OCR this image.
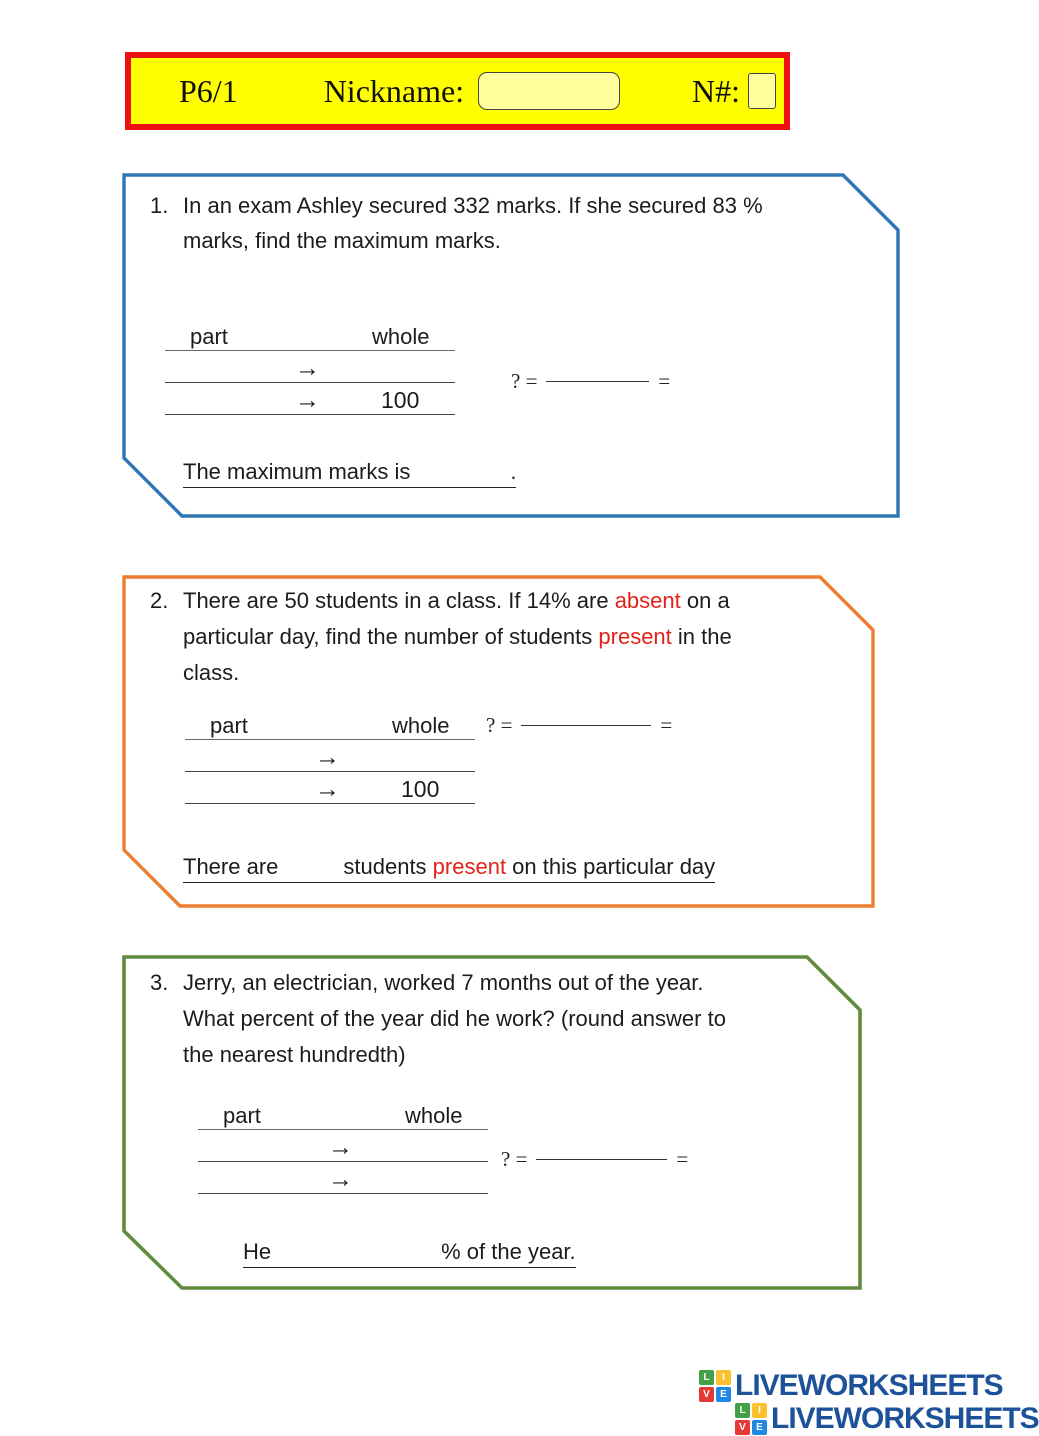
P6/1	Nickname:	N#:
1. In an exam Ashley secured 332 marks. If she secured 83 %
marks, find the maximum marks.
part	whole
→
→	100
? =	=
The maximum marks is	.
2. There are 50 students in a class. If 14% are absent on a
particular day, find the number of students present in the
class.
part	whole
→
→	100
? =	=
There are	students present on this particular day
3. Jerry, an electrician, worked 7 months out of the year.
What percent of the year did he work? (round answer to
the nearest hundredth)
part	whole
→
→
? =	=
He	% of the year.
L	I
V	E LIVEWORKSHEETS
L	I
V	E LIVEWORKSHEETS
